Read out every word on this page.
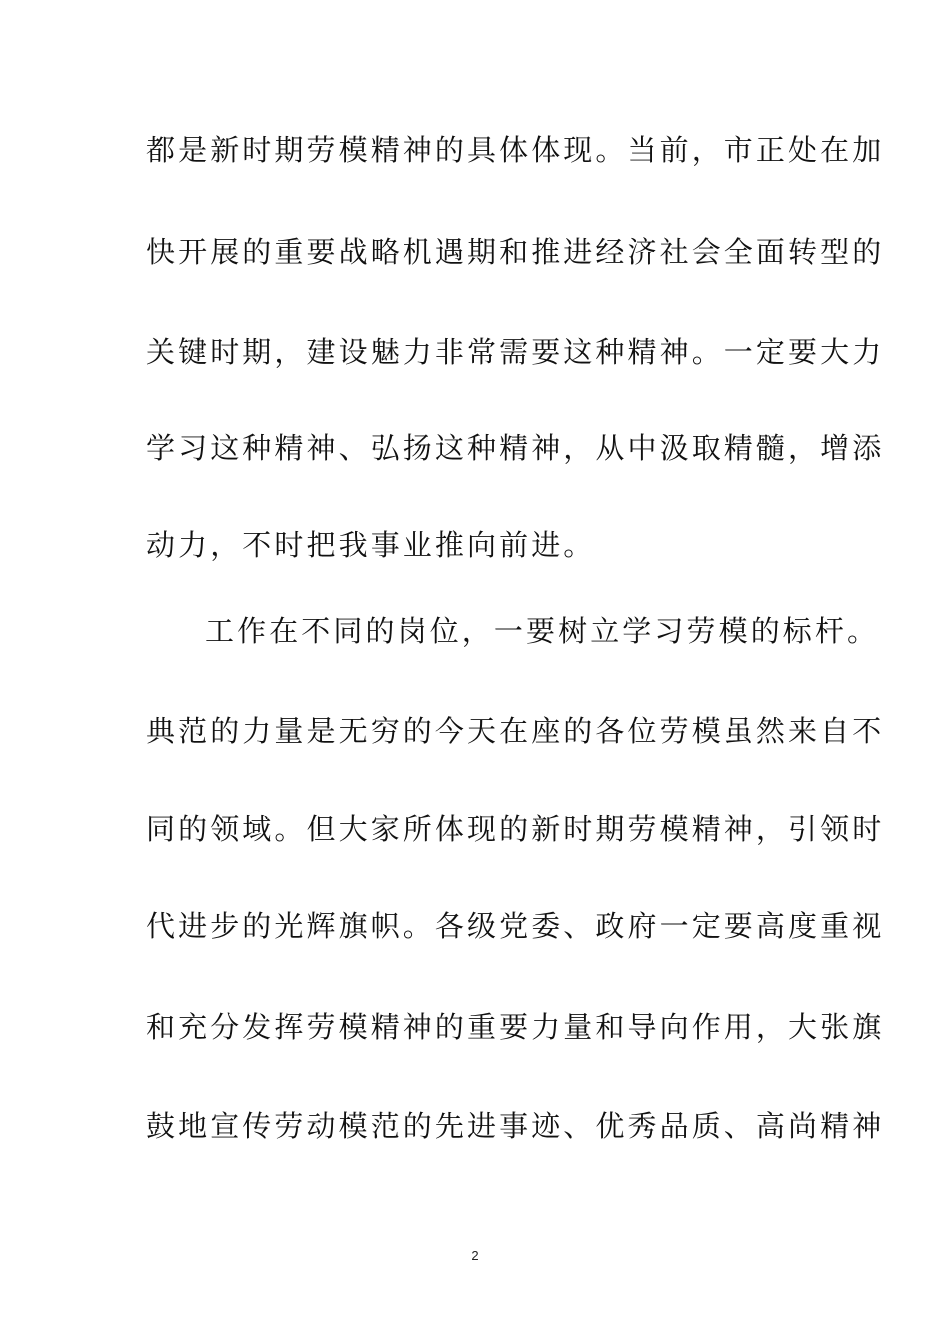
都是新时期劳模精神的具体体现。当前，市正处在加
快开展的重要战略机遇期和推进经济社会全面转型的
关键时期，建设魅力非常需要这种精神。一定要大力
学习这种精神、弘扬这种精神，从中汲取精髓，增添
动力，不时把我事业推向前进。
工作在不同的岗位，一要树立学习劳模的标杆。
典范的力量是无穷的今天在座的各位劳模虽然来自不
同的领域。但大家所体现的新时期劳模精神，引领时
代进步的光辉旗帜。各级党委、政府一定要高度重视
和充分发挥劳模精神的重要力量和导向作用，大张旗
鼓地宣传劳动模范的先进事迹、优秀品质、高尚精神
2
